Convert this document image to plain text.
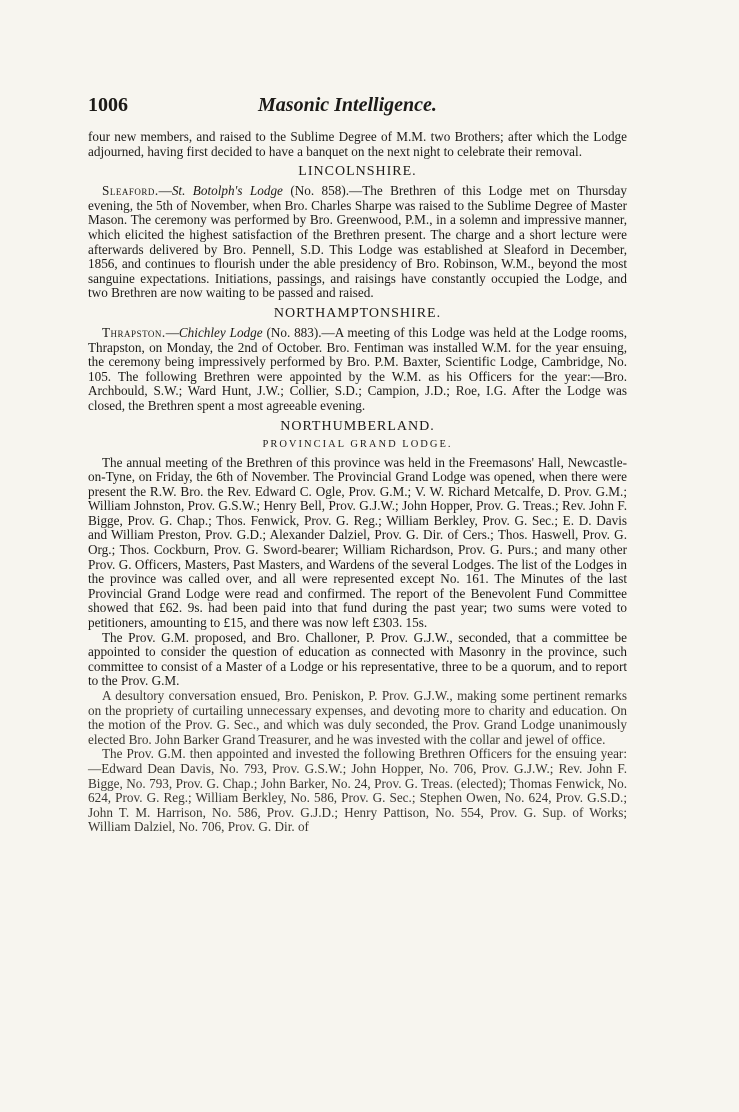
1006	Masonic Intelligence.

four new members, and raised to the Sublime Degree of M.M. two Brothers; after which the Lodge adjourned, having first decided to have a banquet on the next night to celebrate their removal.

LINCOLNSHIRE.

Sleaford.—St. Botolph's Lodge (No. 858).—The Brethren of this Lodge met on Thursday evening, the 5th of November, when Bro. Charles Sharpe was raised to the Sublime Degree of Master Mason. The ceremony was performed by Bro. Greenwood, P.M., in a solemn and impressive manner, which elicited the highest satisfaction of the Brethren present. The charge and a short lecture were afterwards delivered by Bro. Pennell, S.D. This Lodge was established at Sleaford in December, 1856, and continues to flourish under the able presidency of Bro. Robinson, W.M., beyond the most sanguine expectations. Initiations, passings, and raisings have constantly occupied the Lodge, and two Brethren are now waiting to be passed and raised.

NORTHAMPTONSHIRE.

Thrapston.—Chichley Lodge (No. 883).—A meeting of this Lodge was held at the Lodge rooms, Thrapston, on Monday, the 2nd of October. Bro. Fentiman was installed W.M. for the year ensuing, the ceremony being impressively performed by Bro. P.M. Baxter, Scientific Lodge, Cambridge, No. 105. The following Brethren were appointed by the W.M. as his Officers for the year:—Bro. Archbould, S.W.; Ward Hunt, J.W.; Collier, S.D.; Campion, J.D.; Roe, I.G. After the Lodge was closed, the Brethren spent a most agreeable evening.

NORTHUMBERLAND.
PROVINCIAL GRAND LODGE.

The annual meeting of the Brethren of this province was held in the Freemasons' Hall, Newcastle-on-Tyne, on Friday, the 6th of November. The Provincial Grand Lodge was opened, when there were present the R.W. Bro. the Rev. Edward C. Ogle, Prov. G.M.; V. W. Richard Metcalfe, D. Prov. G.M.; William Johnston, Prov. G.S.W.; Henry Bell, Prov. G.J.W.; John Hopper, Prov. G. Treas.; Rev. John F. Bigge, Prov. G. Chap.; Thos. Fenwick, Prov. G. Reg.; William Berkley, Prov. G. Sec.; E. D. Davis and William Preston, Prov. G.D.; Alexander Dalziel, Prov. G. Dir. of Cers.; Thos. Haswell, Prov. G. Org.; Thos. Cockburn, Prov. G. Sword-bearer; William Richardson, Prov. G. Purs.; and many other Prov. G. Officers, Masters, Past Masters, and Wardens of the several Lodges. The list of the Lodges in the province was called over, and all were represented except No. 161. The Minutes of the last Provincial Grand Lodge were read and confirmed. The report of the Benevolent Fund Committee showed that £62. 9s. had been paid into that fund during the past year; two sums were voted to petitioners, amounting to £15, and there was now left £303. 15s.

The Prov. G.M. proposed, and Bro. Challoner, P. Prov. G.J.W., seconded, that a committee be appointed to consider the question of education as connected with Masonry in the province, such committee to consist of a Master of a Lodge or his representative, three to be a quorum, and to report to the Prov. G.M.

A desultory conversation ensued, Bro. Peniskon, P. Prov. G.J.W., making some pertinent remarks on the propriety of curtailing unnecessary expenses, and devoting more to charity and education. On the motion of the Prov. G. Sec., and which was duly seconded, the Prov. Grand Lodge unanimously elected Bro. John Barker Grand Treasurer, and he was invested with the collar and jewel of office.

The Prov. G.M. then appointed and invested the following Brethren Officers for the ensuing year:—Edward Dean Davis, No. 793, Prov. G.S.W.; John Hopper, No. 706, Prov. G.J.W.; Rev. John F. Bigge, No. 793, Prov. G. Chap.; John Barker, No. 24, Prov. G. Treas. (elected); Thomas Fenwick, No. 624, Prov. G. Reg.; William Berkley, No. 586, Prov. G. Sec.; Stephen Owen, No. 624, Prov. G.S.D.; John T. M. Harrison, No. 586, Prov. G.J.D.; Henry Pattison, No. 554, Prov. G. Sup. of Works; William Dalziel, No. 706, Prov. G. Dir. of
